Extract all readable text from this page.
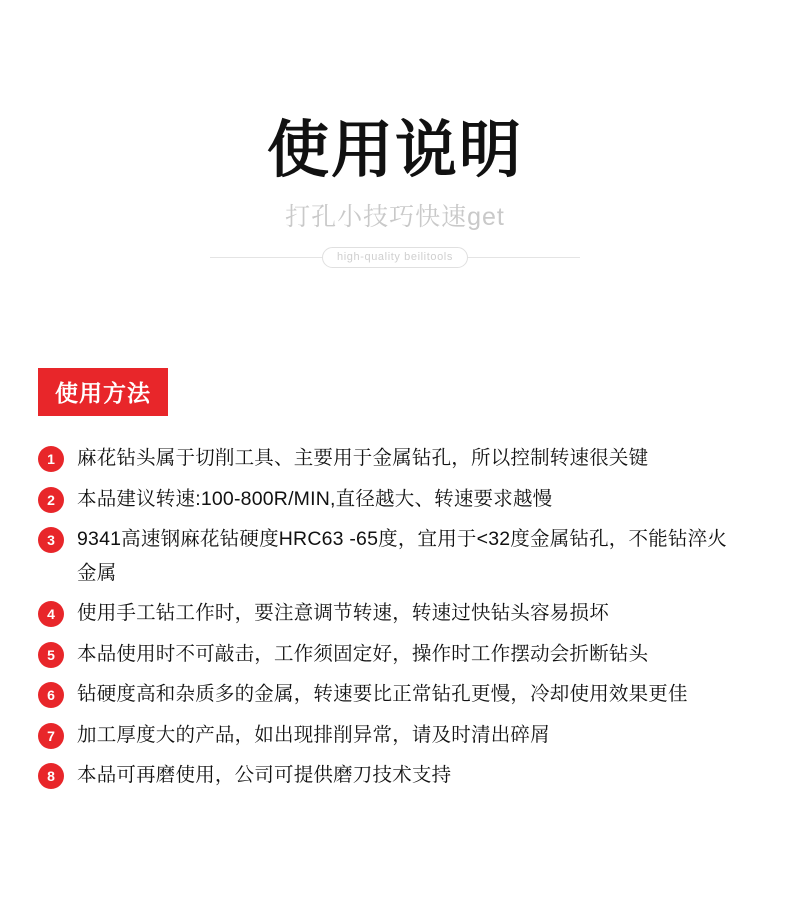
使用说明
打孔小技巧快速get
high-quality beilitools
使用方法
1	麻花钻头属于切削工具、主要用于金属钻孔，所以控制转速很关键
2	本品建议转速:100-800R/MIN,直径越大、转速要求越慢
3	9341高速钢麻花钻硬度HRC63 -65度，宜用于<32度金属钻孔，不能钻淬火金属
4	使用手工钻工作时，要注意调节转速，转速过快钻头容易损坏
5	本品使用时不可敲击，工作须固定好，操作时工作摆动会折断钻头
6	钻硬度高和杂质多的金属，转速要比正常钻孔更慢，冷却使用效果更佳
7	加工厚度大的产品，如出现排削异常，请及时清出碎屑
8	本品可再磨使用，公司可提供磨刀技术支持
